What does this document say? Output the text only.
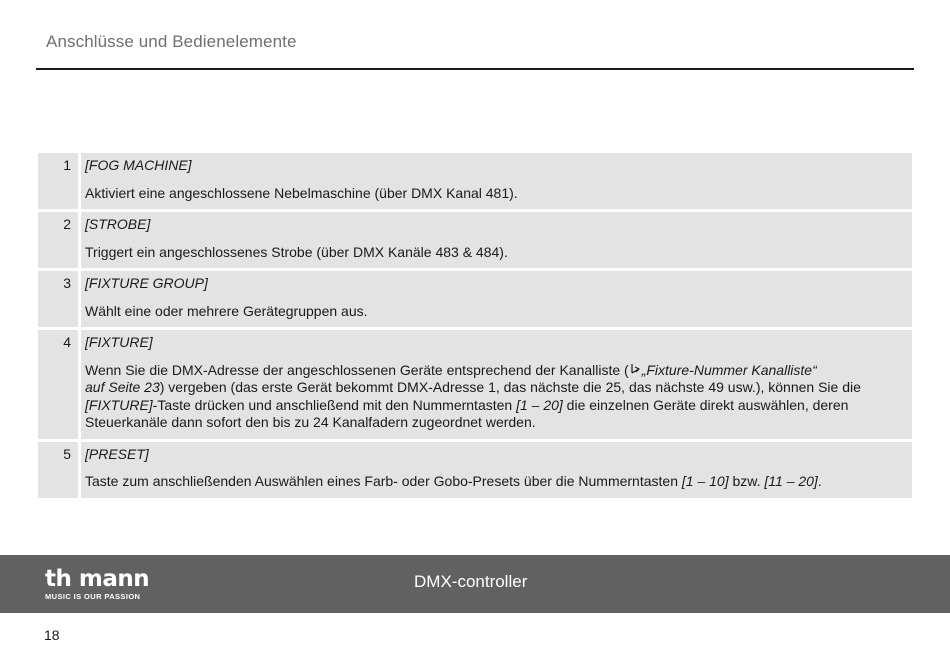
Anschlüsse und Bedienelemente
1	[FOG MACHINE]
Aktiviert eine angeschlossene Nebelmaschine (über DMX Kanal 481).
2	[STROBE]
Triggert ein angeschlossenes Strobe (über DMX Kanäle 483 & 484).
3	[FIXTURE GROUP]
Wählt eine oder mehrere Gerätegruppen aus.
4	[FIXTURE]
Wenn Sie die DMX-Adresse der angeschlossenen Geräte entsprechend der Kanalliste ( „Fixture-Nummer Kanalliste“
auf Seite 23) vergeben (das erste Gerät bekommt DMX-Adresse 1, das nächste die 25, das nächste 49 usw.), können Sie die [FIXTURE]-Taste drücken und anschließend mit den Nummerntasten [1 – 20] die einzelnen Geräte direkt auswählen, deren Steuerkanäle dann sofort den bis zu 24 Kanalfadern zugeordnet werden.
5	[PRESET]
Taste zum anschließenden Auswählen eines Farb- oder Gobo-Presets über die Nummerntasten [1 – 10] bzw. [11 – 20].
th mann
MUSIC IS OUR PASSION
DMX-controller
18
